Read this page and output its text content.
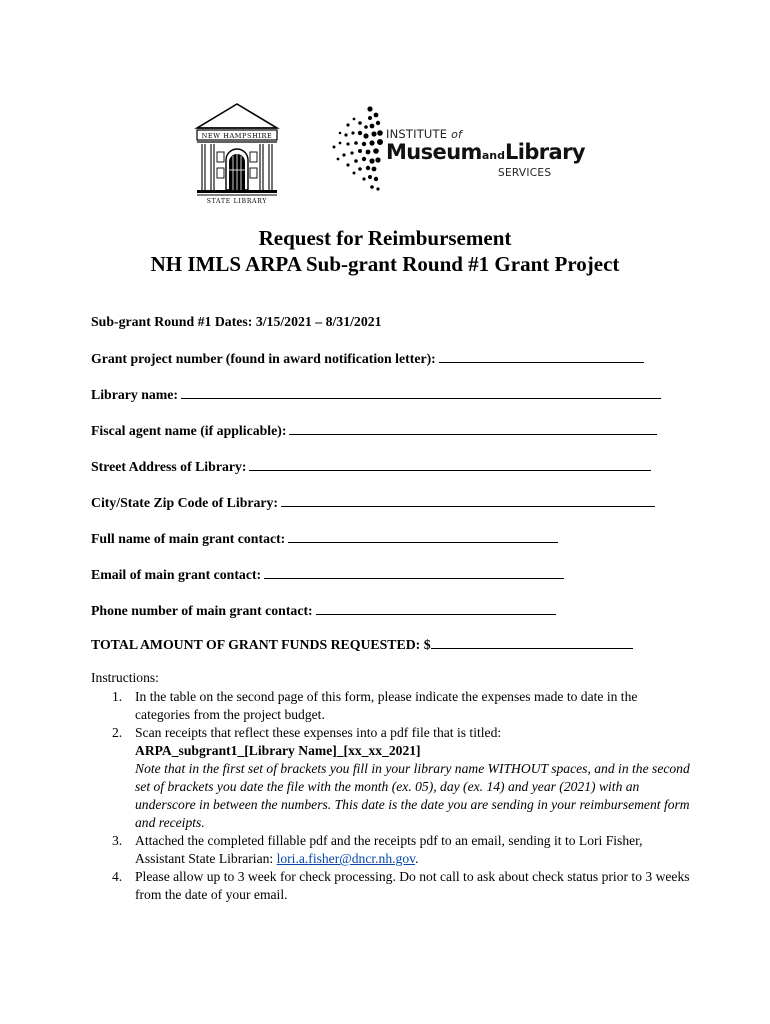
NEW HAMPSHIRE
STATE LIBRARY
INSTITUTE of
MuseumandLibrary
SERVICES
Request for Reimbursement
NH IMLS ARPA Sub-grant Round #1 Grant Project
Sub-grant Round #1 Dates: 3/15/2021 – 8/31/2021
Grant project number (found in award notification letter):
Library name:
Fiscal agent name (if applicable):
Street Address of Library:
City/State Zip Code of Library:
Full name of main grant contact:
Email of main grant contact:
Phone number of main grant contact:
TOTAL AMOUNT OF GRANT FUNDS REQUESTED: $
Instructions:
1. In the table on the second page of this form, please indicate the expenses made to date in the categories from the project budget.
2. Scan receipts that reflect these expenses into a pdf file that is titled:
ARPA_subgrant1_[Library Name]_[xx_xx_2021]
Note that in the first set of brackets you fill in your library name WITHOUT spaces, and in the second set of brackets you date the file with the month (ex. 05), day (ex. 14) and year (2021) with an underscore in between the numbers. This date is the date you are sending in your reimbursement form and receipts.
3. Attached the completed fillable pdf and the receipts pdf to an email, sending it to Lori Fisher, Assistant State Librarian: lori.a.fisher@dncr.nh.gov.
4. Please allow up to 3 week for check processing. Do not call to ask about check status prior to 3 weeks from the date of your email.
